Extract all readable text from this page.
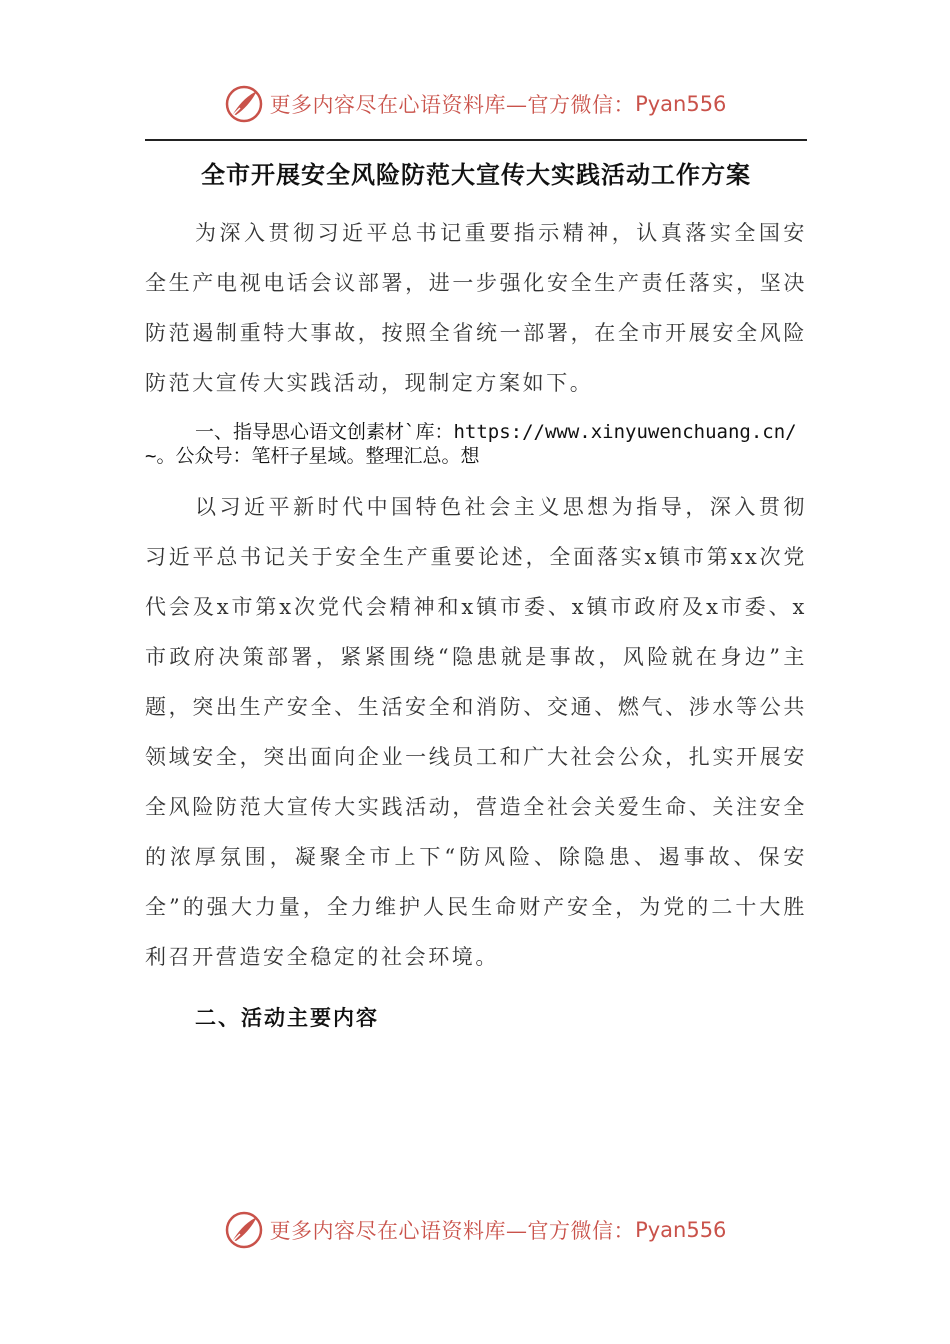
更多内容尽在心语资料库—官方微信： Pyan556
全市开展安全风险防范大宣传大实践活动工作方案

为深入贯彻习近平总书记重要指示精神，认真落实全国安全生产电视电话会议部署，进一步强化安全生产责任落实，坚决防范遏制重特大事故，按照全省统一部署，在全市开展安全风险防范大宣传大实践活动，现制定方案如下。

一、指导思心语文创素材`库：https://www.xinyuwenchuang.cn/~。公众号：笔杆子星域。整理汇总。想

以习近平新时代中国特色社会主义思想为指导，深入贯彻习近平总书记关于安全生产重要论述，全面落实x镇市第xx次党代会及x市第x次党代会精神和x镇市委、x镇市政府及x市委、x市政府决策部署，紧紧围绕“隐患就是事故，风险就在身边”主题，突出生产安全、生活安全和消防、交通、燃气、涉水等公共领域安全，突出面向企业一线员工和广大社会公众，扎实开展安全风险防范大宣传大实践活动，营造全社会关爱生命、关注安全的浓厚氛围，凝聚全市上下“防风险、除隐患、遏事故、保安全”的强大力量，全力维护人民生命财产安全，为党的二十大胜利召开营造安全稳定的社会环境。

二、活动主要内容
更多内容尽在心语资料库—官方微信： Pyan556
